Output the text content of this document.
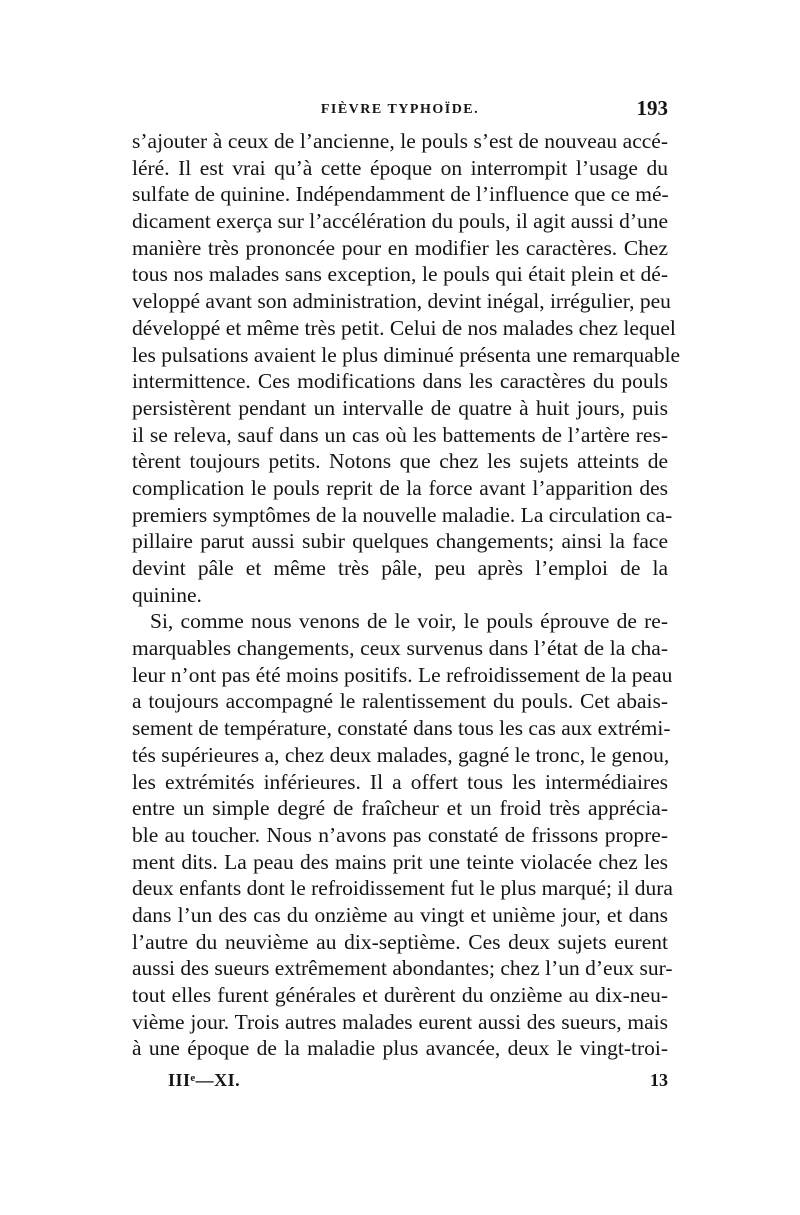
FIÈVRE TYPHOÏDE.	193
s’ajouter à ceux de l’ancienne, le pouls s’est de nouveau accé-
léré. Il est vrai qu’à cette époque on interrompit l’usage du
sulfate de quinine. Indépendamment de l’influence que ce mé-
dicament exerça sur l’accélération du pouls, il agit aussi d’une
manière très prononcée pour en modifier les caractères. Chez
tous nos malades sans exception, le pouls qui était plein et dé-
veloppé avant son administration, devint inégal, irrégulier, peu
développé et même très petit. Celui de nos malades chez lequel
les pulsations avaient le plus diminué présenta une remarquable
intermittence. Ces modifications dans les caractères du pouls
persistèrent pendant un intervalle de quatre à huit jours, puis
il se releva, sauf dans un cas où les battements de l’artère res-
tèrent toujours petits. Notons que chez les sujets atteints de
complication le pouls reprit de la force avant l’apparition des
premiers symptômes de la nouvelle maladie. La circulation ca-
pillaire parut aussi subir quelques changements; ainsi la face
devint pâle et même très pâle, peu après l’emploi de la
quinine.
Si, comme nous venons de le voir, le pouls éprouve de re-
marquables changements, ceux survenus dans l’état de la cha-
leur n’ont pas été moins positifs. Le refroidissement de la peau
a toujours accompagné le ralentissement du pouls. Cet abais-
sement de température, constaté dans tous les cas aux extrémi-
tés supérieures a, chez deux malades, gagné le tronc, le genou,
les extrémités inférieures. Il a offert tous les intermédiaires
entre un simple degré de fraîcheur et un froid très apprécia-
ble au toucher. Nous n’avons pas constaté de frissons propre-
ment dits. La peau des mains prit une teinte violacée chez les
deux enfants dont le refroidissement fut le plus marqué; il dura
dans l’un des cas du onzième au vingt et unième jour, et dans
l’autre du neuvième au dix-septième. Ces deux sujets eurent
aussi des sueurs extrêmement abondantes; chez l’un d’eux sur-
tout elles furent générales et durèrent du onzième au dix-neu-
vième jour. Trois autres malades eurent aussi des sueurs, mais
à une époque de la maladie plus avancée, deux le vingt-troi-
IIIᵉ—XI.	13
